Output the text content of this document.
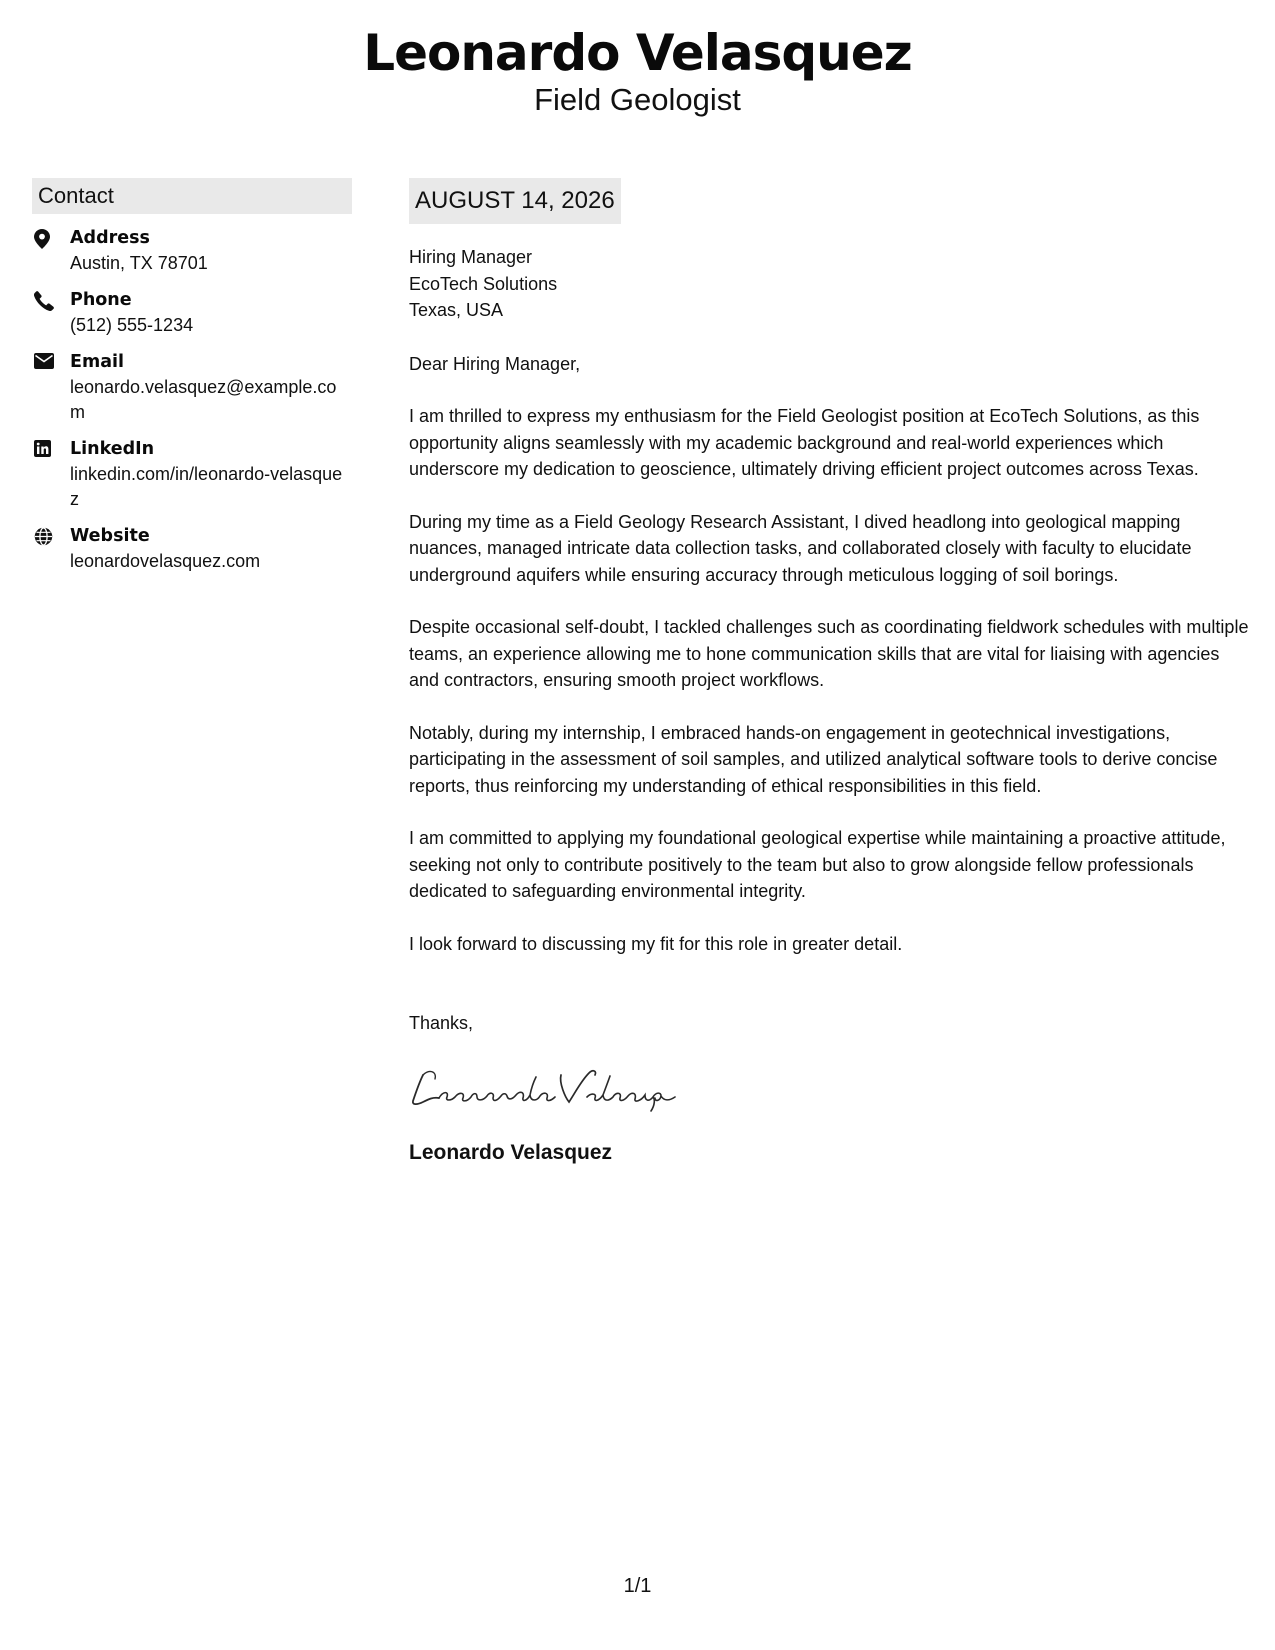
Leonardo Velasquez
Field Geologist
Contact
Address
Austin, TX 78701
Phone
(512) 555-1234
Email
leonardo.velasquez@example.com
LinkedIn
linkedin.com/in/leonardo-velasquez
Website
leonardovelasquez.com
AUGUST 14, 2026
Hiring Manager
EcoTech Solutions
Texas, USA
Dear Hiring Manager,
I am thrilled to express my enthusiasm for the Field Geologist position at EcoTech Solutions, as this opportunity aligns seamlessly with my academic background and real-world experiences which underscore my dedication to geoscience, ultimately driving efficient project outcomes across Texas.
During my time as a Field Geology Research Assistant, I dived headlong into geological mapping nuances, managed intricate data collection tasks, and collaborated closely with faculty to elucidate underground aquifers while ensuring accuracy through meticulous logging of soil borings.
Despite occasional self-doubt, I tackled challenges such as coordinating fieldwork schedules with multiple teams, an experience allowing me to hone communication skills that are vital for liaising with agencies and contractors, ensuring smooth project workflows.
Notably, during my internship, I embraced hands-on engagement in geotechnical investigations, participating in the assessment of soil samples, and utilized analytical software tools to derive concise reports, thus reinforcing my understanding of ethical responsibilities in this field.
I am committed to applying my foundational geological expertise while maintaining a proactive attitude, seeking not only to contribute positively to the team but also to grow alongside fellow professionals dedicated to safeguarding environmental integrity.
I look forward to discussing my fit for this role in greater detail.
Thanks,
Leonardo Velasquez
1/1
